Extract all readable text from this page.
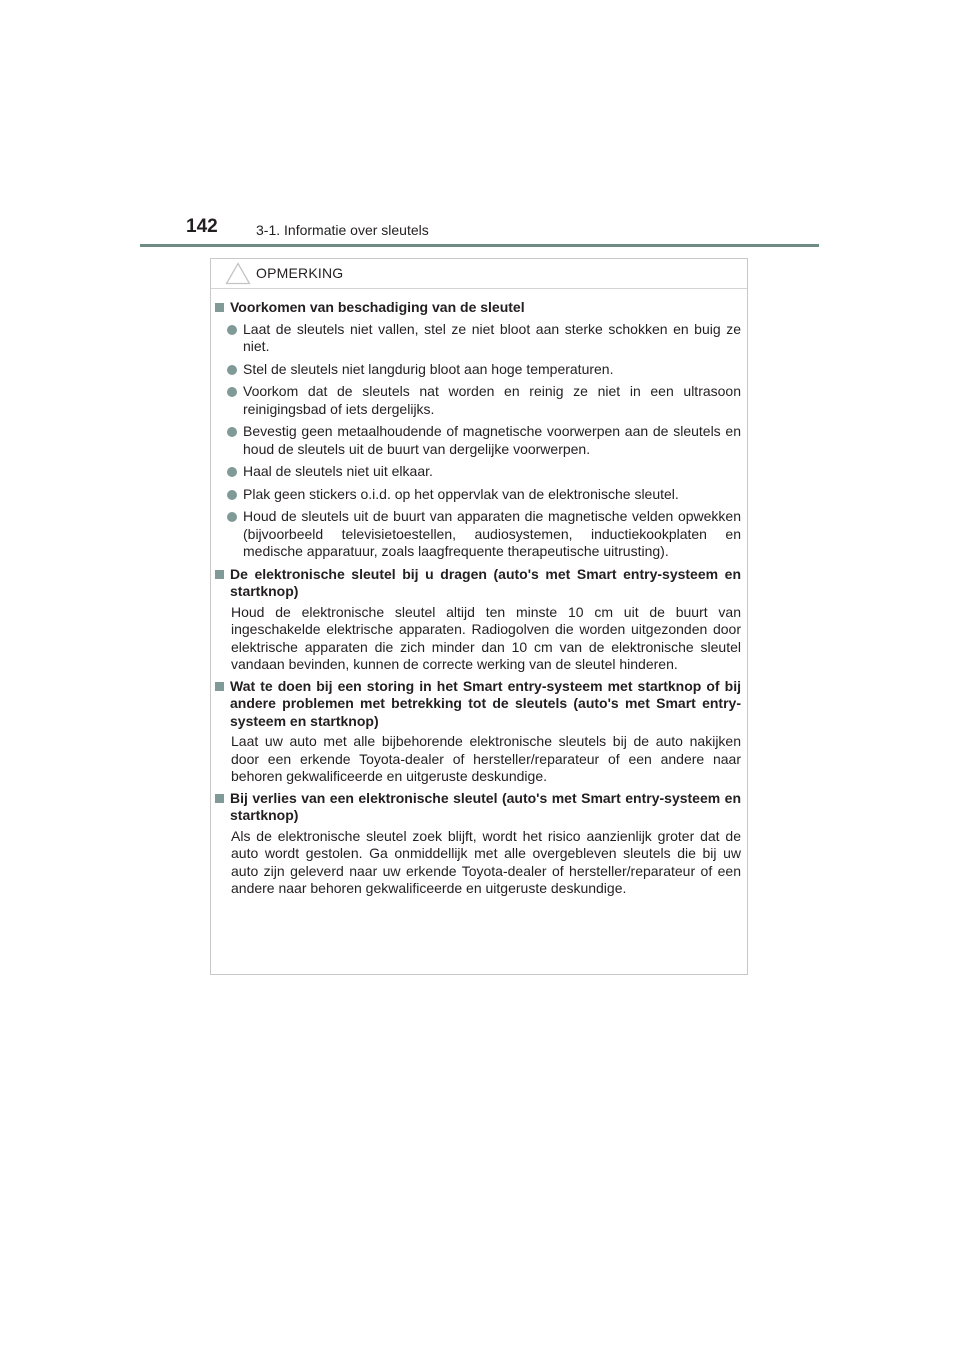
142	3-1. Informatie over sleutels
OPMERKING
Voorkomen van beschadiging van de sleutel
Laat de sleutels niet vallen, stel ze niet bloot aan sterke schokken en buig ze niet.
Stel de sleutels niet langdurig bloot aan hoge temperaturen.
Voorkom dat de sleutels nat worden en reinig ze niet in een ultrasoon reinigingsbad of iets dergelijks.
Bevestig geen metaalhoudende of magnetische voorwerpen aan de sleutels en houd de sleutels uit de buurt van dergelijke voorwerpen.
Haal de sleutels niet uit elkaar.
Plak geen stickers o.i.d. op het oppervlak van de elektronische sleutel.
Houd de sleutels uit de buurt van apparaten die magnetische velden opwekken (bijvoorbeeld televisietoestellen, audiosystemen, inductiekookplaten en medische apparatuur, zoals laagfrequente therapeutische uitrusting).
De elektronische sleutel bij u dragen (auto's met Smart entry-systeem en startknop)
Houd de elektronische sleutel altijd ten minste 10 cm uit de buurt van ingeschakelde elektrische apparaten. Radiogolven die worden uitgezonden door elektrische apparaten die zich minder dan 10 cm van de elektronische sleutel vandaan bevinden, kunnen de correcte werking van de sleutel hinderen.
Wat te doen bij een storing in het Smart entry-systeem met startknop of bij andere problemen met betrekking tot de sleutels (auto's met Smart entry-systeem en startknop)
Laat uw auto met alle bijbehorende elektronische sleutels bij de auto nakijken door een erkende Toyota-dealer of hersteller/reparateur of een andere naar behoren gekwalificeerde en uitgeruste deskundige.
Bij verlies van een elektronische sleutel (auto's met Smart entry-systeem en startknop)
Als de elektronische sleutel zoek blijft, wordt het risico aanzienlijk groter dat de auto wordt gestolen. Ga onmiddellijk met alle overgebleven sleutels die bij uw auto zijn geleverd naar uw erkende Toyota-dealer of hersteller/reparateur of een andere naar behoren gekwalificeerde en uitgeruste deskundige.
